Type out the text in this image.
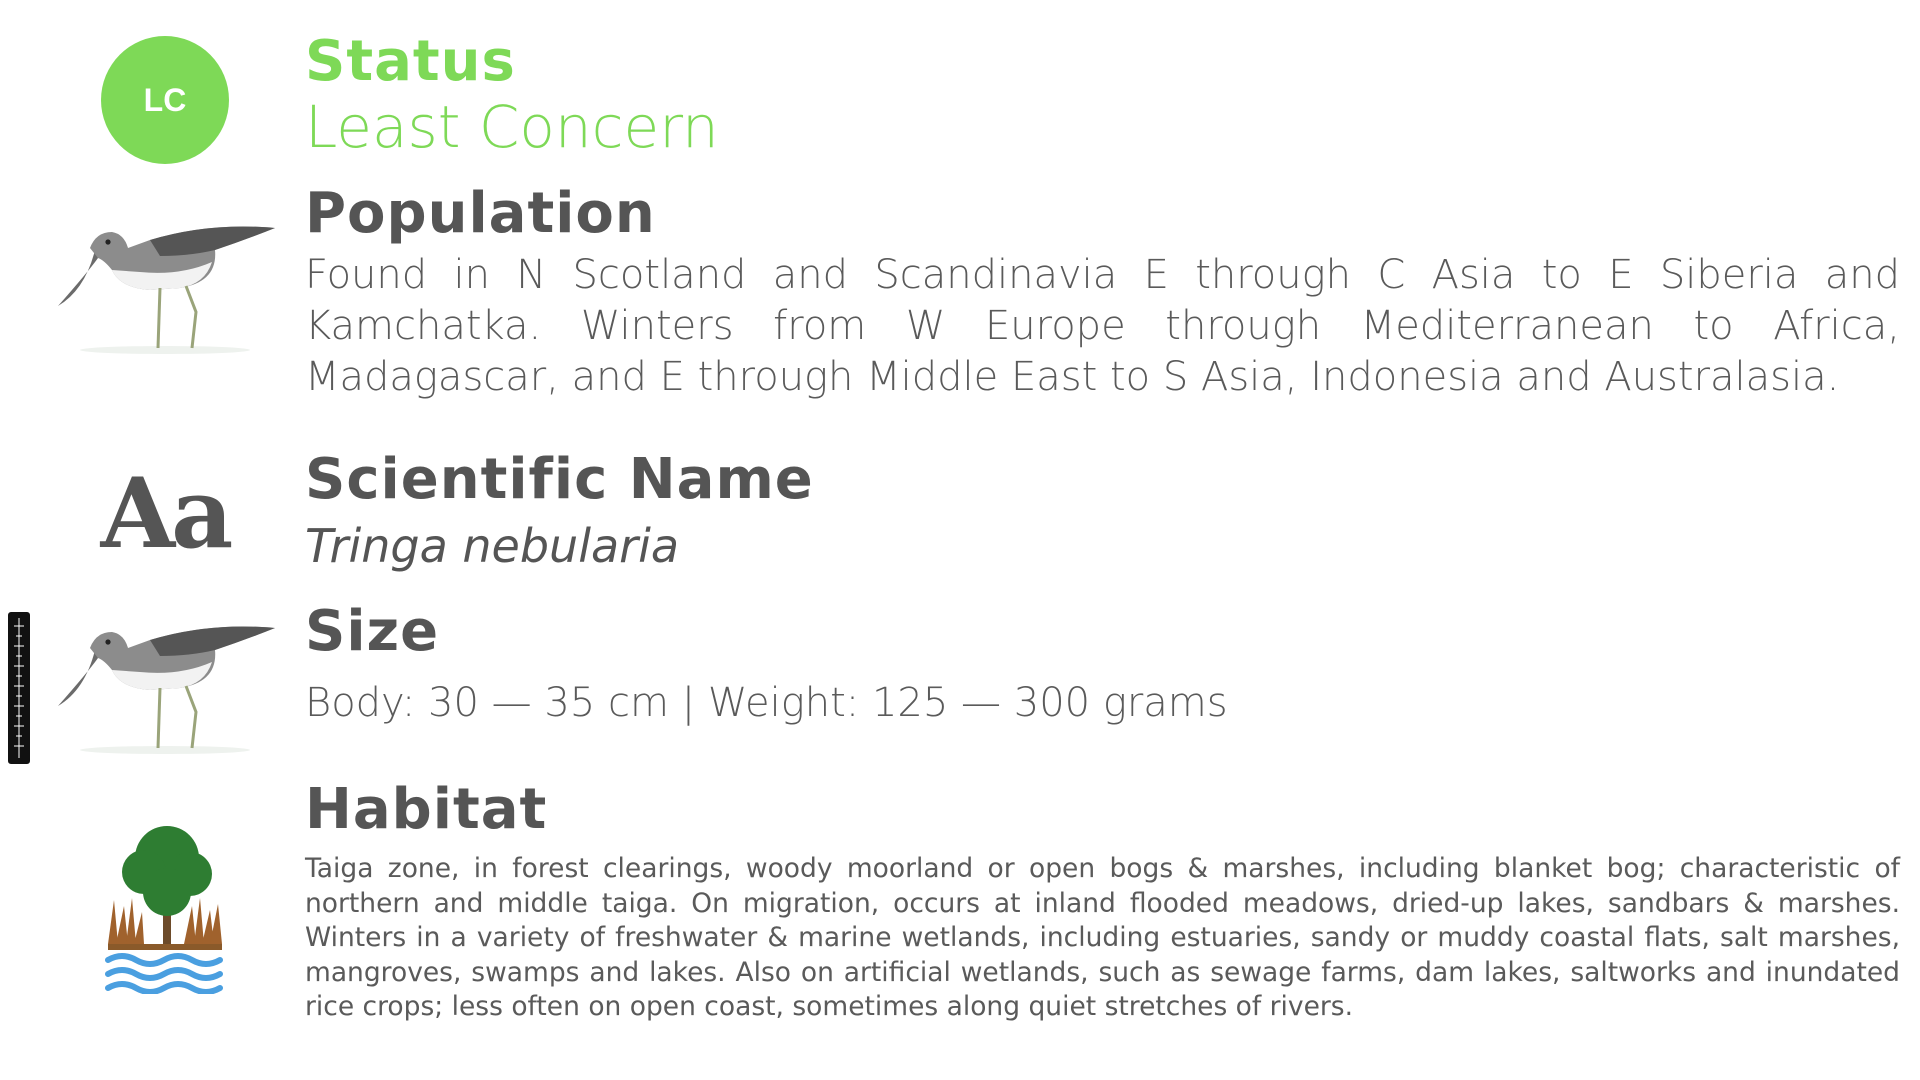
LC
Status

Least Concern

Population

Found in N Scotland and Scandinavia E through C Asia to E Siberia and Kamchatka. Winters from W Europe through Mediterranean to Africa, Madagascar, and E through Middle East to S Asia, Indonesia and Australasia.

Aa Scientific Name

Tringa nebularia

Size

Body: 30 — 35 cm | Weight: 125 — 300 grams

Habitat

Taiga zone, in forest clearings, woody moorland or open bogs & marshes, including blanket bog; characteristic of northern and middle taiga. On migration, occurs at inland flooded meadows, dried-up lakes, sandbars & marshes. Winters in a variety of freshwater & marine wetlands, including estuaries, sandy or muddy coastal flats, salt marshes, mangroves, swamps and lakes. Also on artificial wetlands, such as sewage farms, dam lakes, saltworks and inundated rice crops; less often on open coast, sometimes along quiet stretches of rivers.
